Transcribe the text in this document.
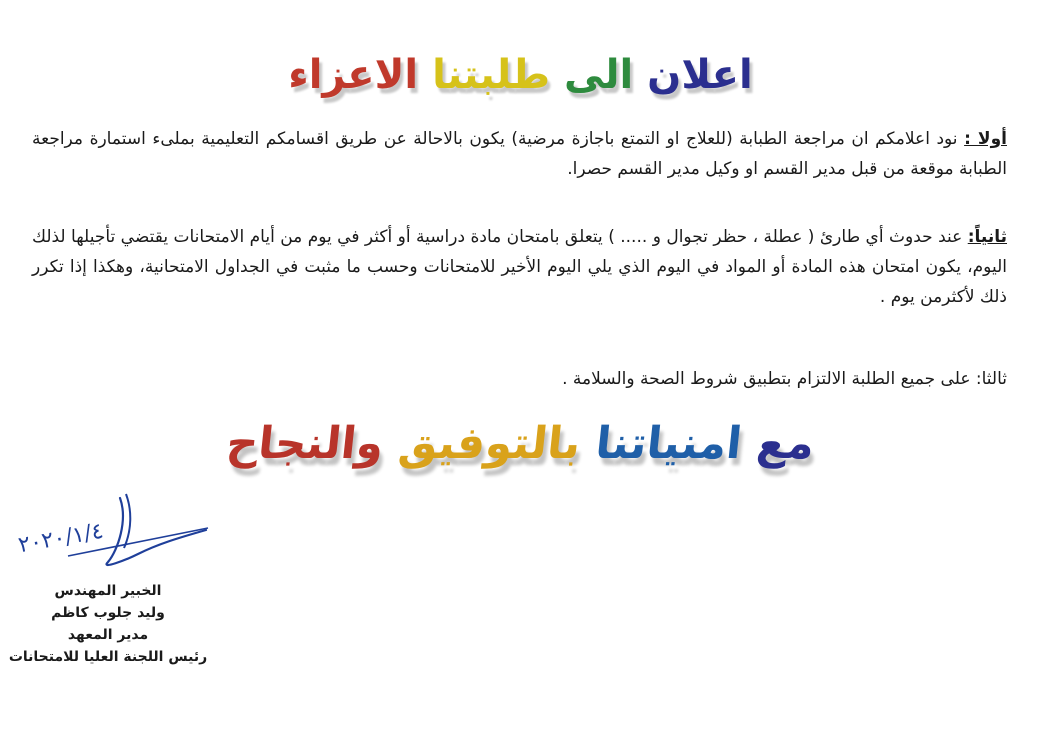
اعلان الى طلبتنا الاعزاء
أولا : نود اعلامكم ان مراجعة الطبابة (للعلاج او التمتع باجازة مرضية) يكون بالاحالة عن طريق اقسامكم التعليمية بملىء استمارة مراجعة الطبابة موقعة من قبل مدير القسم او وكيل مدير القسم حصرا.
ثانياً: عند حدوث أي طارئ ( عطلة ، حظر تجوال و ..... ) يتعلق بامتحان مادة دراسية أو أكثر في يوم من أيام الامتحانات يقتضي تأجيلها لذلك اليوم، يكون امتحان هذه المادة أو المواد في اليوم الذي يلي اليوم الأخير للامتحانات وحسب ما مثبت في الجداول الامتحانية، وهكذا إذا تكرر ذلك لأكثرمن يوم .
ثالثا: على جميع الطلبة الالتزام بتطبيق شروط الصحة والسلامة .
مع امنياتنا بالتوفيق والنجاح
٢٠٢٠/١/٤
الخبير المهندس
وليد جلوب كاظم
مدير المعهد
رئيس اللجنة العليا للامتحانات
